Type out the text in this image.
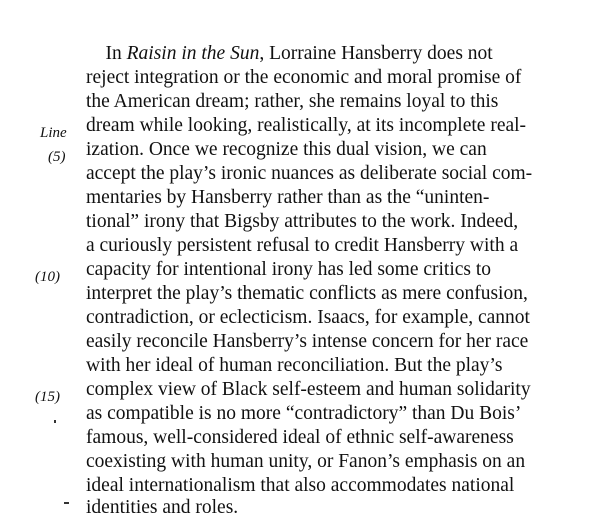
Line
(5)
(10)
(15)
In Raisin in the Sun, Lorraine Hansberry does not
reject integration or the economic and moral promise of
the American dream; rather, she remains loyal to this
dream while looking, realistically, at its incomplete real-
ization. Once we recognize this dual vision, we can
accept the play’s ironic nuances as deliberate social com-
mentaries by Hansberry rather than as the “uninten-
tional” irony that Bigsby attributes to the work. Indeed,
a curiously persistent refusal to credit Hansberry with a
capacity for intentional irony has led some critics to
interpret the play’s thematic conflicts as mere confusion,
contradiction, or eclecticism. Isaacs, for example, cannot
easily reconcile Hansberry’s intense concern for her race
with her ideal of human reconciliation. But the play’s
complex view of Black self-esteem and human solidarity
as compatible is no more “contradictory” than Du Bois’
famous, well-considered ideal of ethnic self-awareness
coexisting with human unity, or Fanon’s emphasis on an
ideal internationalism that also accommodates national
identities and roles.
